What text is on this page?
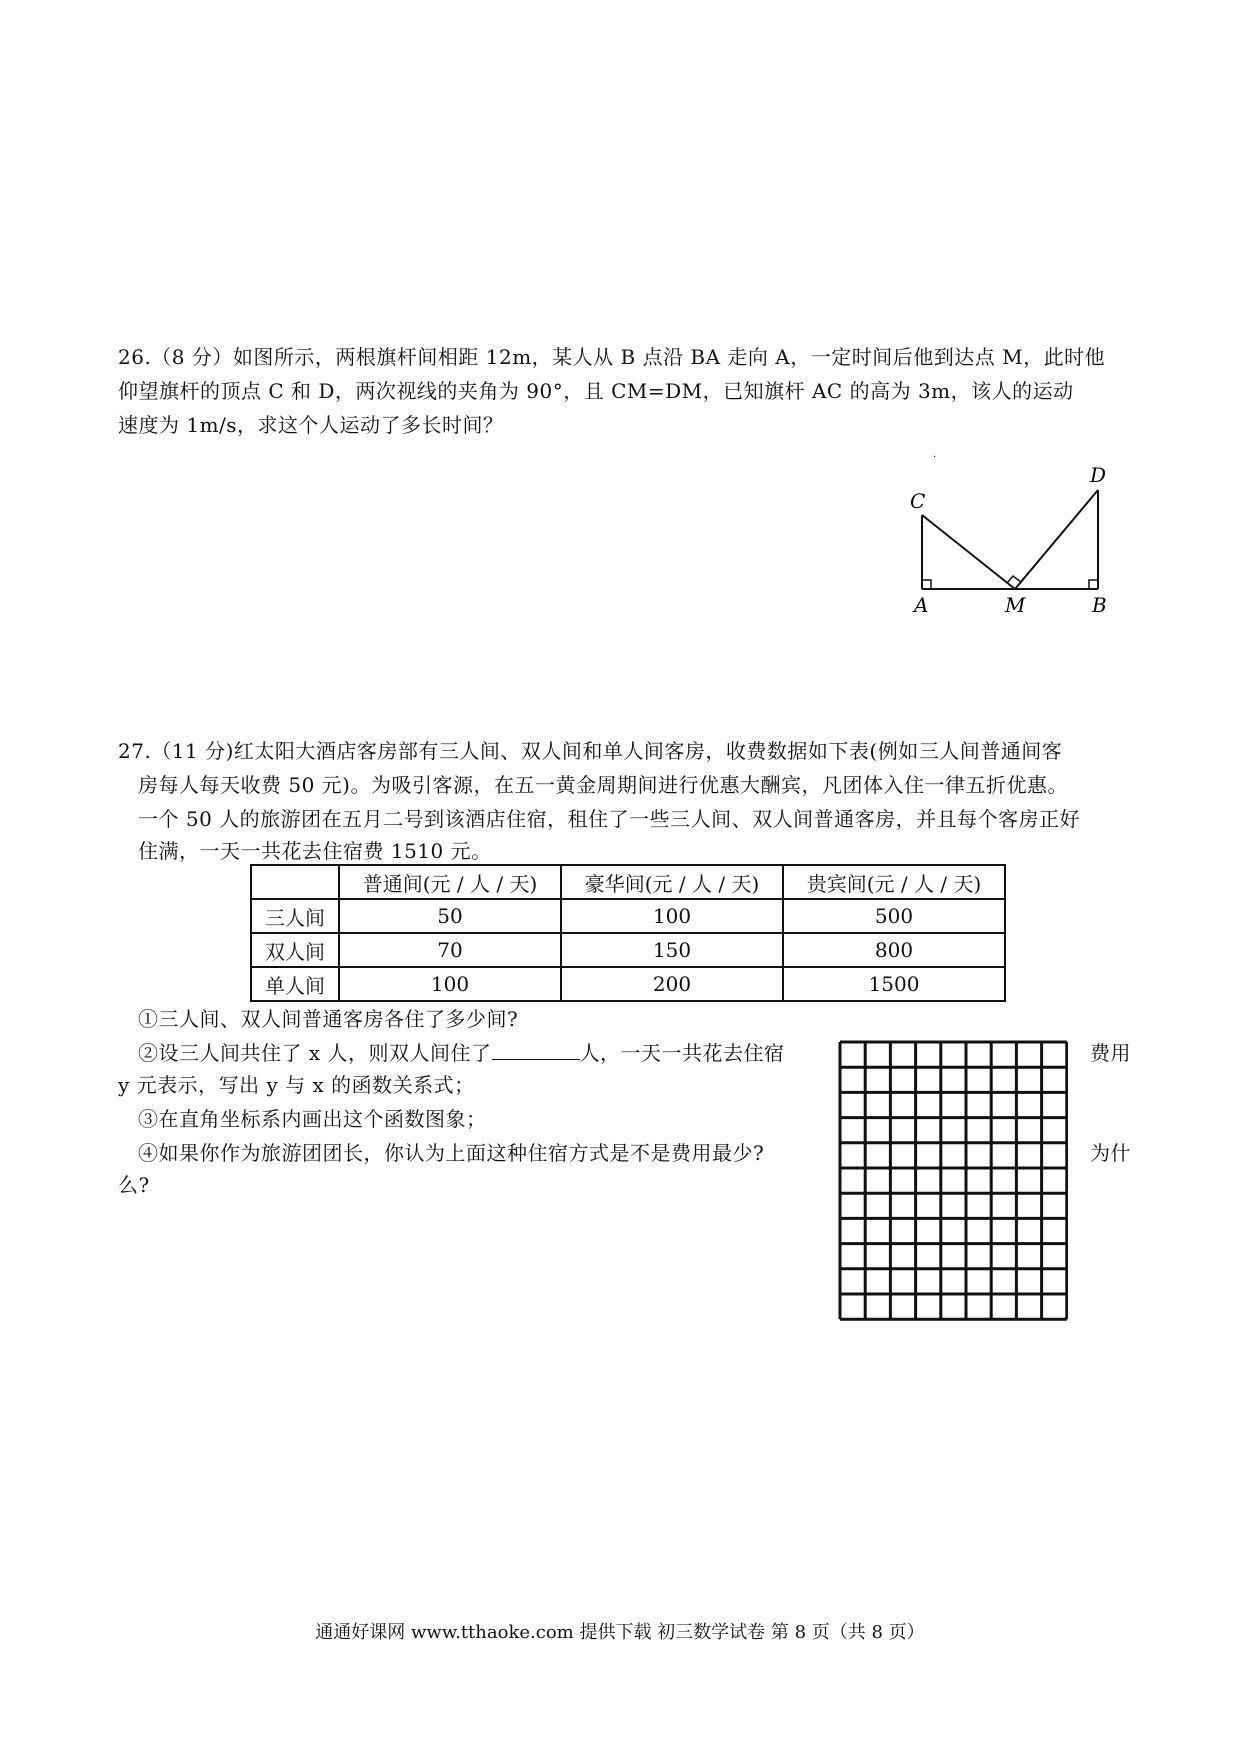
26.（8 分）如图所示，两根旗杆间相距 12m，某人从 B 点沿 BA 走向 A，一定时间后他到达点 M，此时他
仰望旗杆的顶点 C 和 D，两次视线的夹角为 90°，且 CM=DM，已知旗杆 AC 的高为 3m，该人的运动
速度为 1m/s，求这个人运动了多长时间？
·
C
D
A	M	B
27.（11 分)红太阳大酒店客房部有三人间、双人间和单人间客房，收费数据如下表(例如三人间普通间客
房每人每天收费 50 元)。为吸引客源，在五一黄金周期间进行优惠大酬宾，凡团体入住一律五折优惠。
一个 50 人的旅游团在五月二号到该酒店住宿，租住了一些三人间、双人间普通客房，并且每个客房正好
住满，一天一共花去住宿费 1510 元。
	普通间(元 / 人 / 天)	豪华间(元 / 人 / 天)	贵宾间(元 / 人 / 天)
三人间	50	100	500
双人间	70	150	800
单人间	100	200	1500
①三人间、双人间普通客房各住了多少间?
②设三人间共住了 x 人，则双人间住了	人，一天一共花去住宿	费用
y 元表示，写出 y 与 x 的函数关系式；
③在直角坐标系内画出这个函数图象；
④如果你作为旅游团团长，你认为上面这种住宿方式是不是费用最少?	为什
么?
通通好课网 www.tthaoke.com 提供下载 初三数学试卷 第 8 页（共 8 页）
